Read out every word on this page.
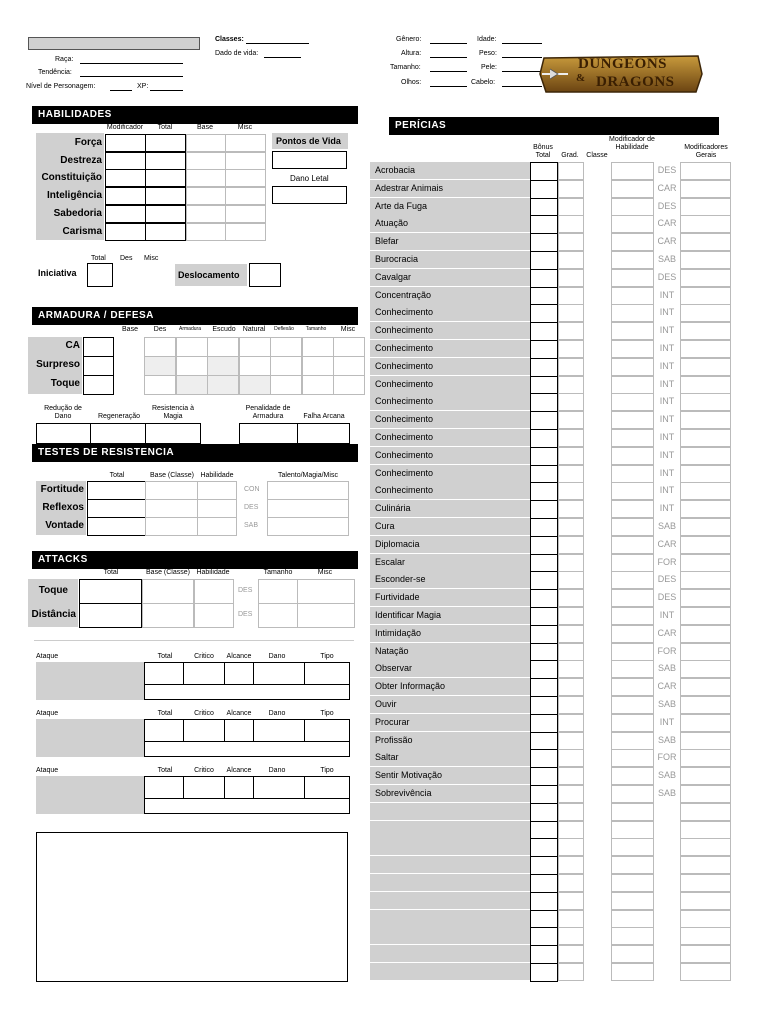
Raça:
Tendência:
Nível de Personagem:	XP:
Classes:
Dado de vida:
Gênero:	Idade:
Altura:	Peso:
Tamanho:	Pele:
Olhos:	Cabelo:
DUNGEONS
& DRAGONS
HABILIDADES
Modificador	Total	Base	Misc
Força
Destreza
Constituição
Inteligência
Sabedoria
Carisma
Pontos de Vida
Dano Letal
Total Des Misc
Iniciativa	Deslocamento
ARMADURA / DEFESA
Base	Des	Armadura	Escudo	Natural	Deflexão	Tamanho	Misc
CA
Surpreso
Toque
Redução de Dano	Regeneração
Resistencia à Magia
Penalidade de Armadura	Falha Arcana
TESTES DE RESISTENCIA
Total	Base (Classe) Habilidade	Talento/Magia/Misc
Fortitude	CON
Reflexos	DES
Vontade	SAB
ATTACKS
Total	Base (Classe) Habilidade	Tamanho	Misc
Toque	DES
Distância	DES
Ataque	Total	Critico	Alcance	Dano	Tipo
Ataque	Total	Critico	Alcance	Dano	Tipo
Ataque	Total	Critico	Alcance	Dano	Tipo
PERÍCIAS
Bônus Total	Grad.	Classe
Modificador de Habilidade	Modificadores Gerais
Acrobacia	DES
Adestrar Animais	CAR
Arte da Fuga	DES
Atuação	CAR
Blefar	CAR
Burocracia	SAB
Cavalgar	DES
Concentração	INT
Conhecimento	INT
Conhecimento	INT
Conhecimento	INT
Conhecimento	INT
Conhecimento	INT
Conhecimento	INT
Conhecimento	INT
Conhecimento	INT
Conhecimento	INT
Conhecimento	INT
Conhecimento	INT
Culinária	INT
Cura	SAB
Diplomacia	CAR
Escalar	FOR
Esconder-se	DES
Furtividade	DES
Identificar Magia	INT
Intimidação	CAR
Natação	FOR
Observar	SAB
Obter Informação	CAR
Ouvir	SAB
Procurar	INT
Profissão	SAB
Saltar	FOR
Sentir Motivação	SAB
Sobrevivência	SAB
